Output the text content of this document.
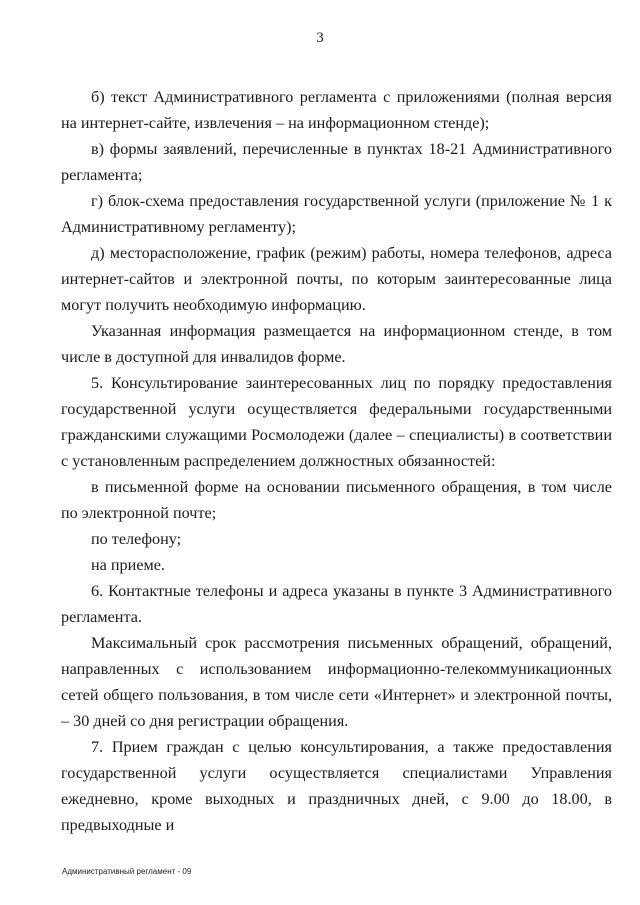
3

б) текст Административного регламента с приложениями (полная версия на интернет-сайте, извлечения – на информационном стенде);

в) формы заявлений, перечисленные в пунктах 18-21 Административного регламента;

г) блок-схема предоставления государственной услуги (приложение № 1 к Административному регламенту);

д) месторасположение, график (режим) работы, номера телефонов, адреса интернет-сайтов и электронной почты, по которым заинтересованные лица могут получить необходимую информацию.

Указанная информация размещается на информационном стенде, в том числе в доступной для инвалидов форме.

5. Консультирование заинтересованных лиц по порядку предоставления государственной услуги осуществляется федеральными государственными гражданскими служащими Росмолодежи (далее – специалисты) в соответствии с установленным распределением должностных обязанностей:

в письменной форме на основании письменного обращения, в том числе по электронной почте;

по телефону;

на приеме.

6. Контактные телефоны и адреса указаны в пункте 3 Административного регламента.

Максимальный срок рассмотрения письменных обращений, обращений, направленных с использованием информационно-телекоммуникационных сетей общего пользования, в том числе сети «Интернет» и электронной почты, – 30 дней со дня регистрации обращения.

7. Прием граждан с целью консультирования, а также предоставления государственной услуги осуществляется специалистами Управления ежедневно, кроме выходных и праздничных дней, с 9.00 до 18.00, в предвыходные и

Административный регламент - 09
